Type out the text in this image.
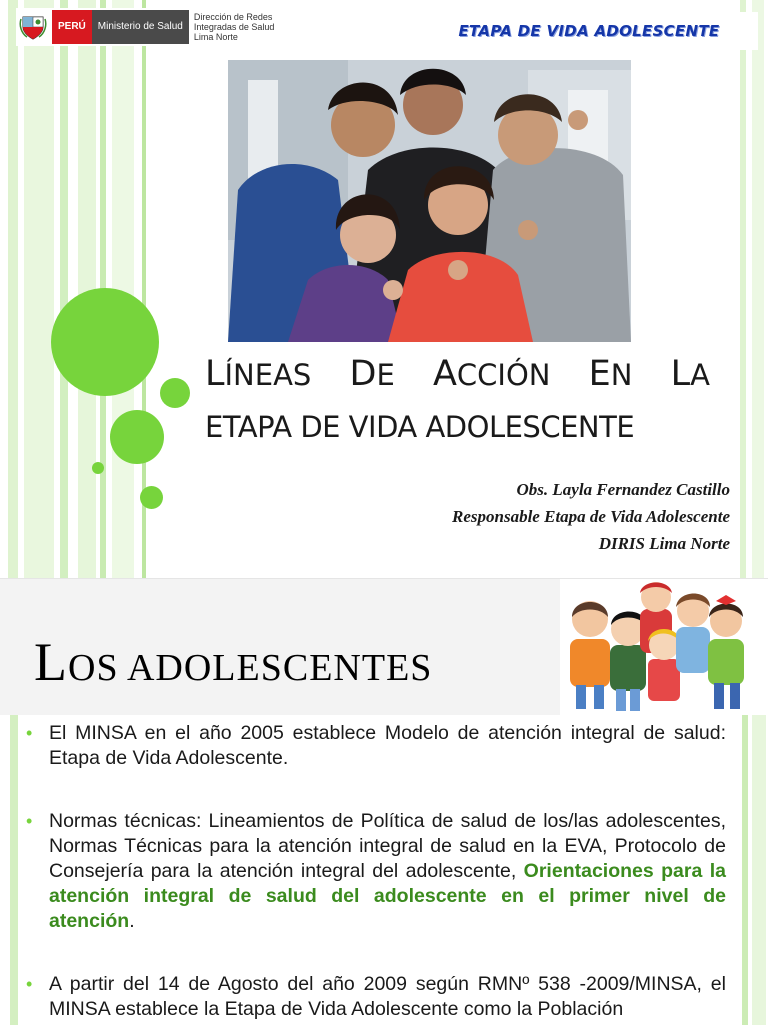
PERÚ	Ministerio de Salud
Dirección de Redes
Integradas de Salud
Lima Norte	ETAPA DE VIDA ADOLESCENTE
LÍNEAS DE ACCIÓN EN LA
ETAPA DE VIDA ADOLESCENTE
Obs. Layla Fernandez Castillo
Responsable Etapa de Vida Adolescente
DIRIS Lima Norte
LOS ADOLESCENTES
• El MINSA en el año 2005 establece Modelo de atención integral de salud: Etapa de Vida Adolescente.
• Normas técnicas: Lineamientos de Política de salud de los/las adolescentes, Normas Técnicas para la atención integral de salud en la EVA, Protocolo de Consejería para la atención integral del adolescente, Orientaciones para la atención integral de salud del adolescente en el primer nivel de atención.
• A partir del 14 de Agosto del año 2009 según RMNº 538 -2009/MINSA, el MINSA establece la Etapa de Vida Adolescente como la Población
